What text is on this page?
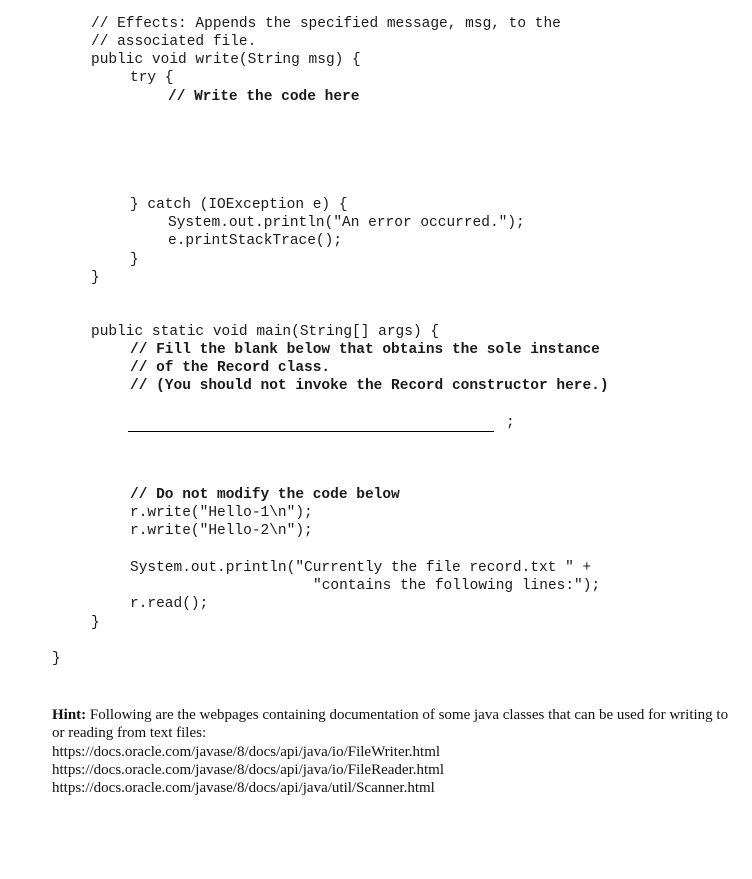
// Effects: Appends the specified message, msg, to the
// associated file.
public void write(String msg) {
try {
// Write the code here
} catch (IOException e) {
System.out.println("An error occurred.");
e.printStackTrace();
}
}
public static void main(String[] args) {
// Fill the blank below that obtains the sole instance
// of the Record class.
// (You should not invoke the Record constructor here.)
;
// Do not modify the code below
r.write("Hello-1\n");
r.write("Hello-2\n");
System.out.println("Currently the file record.txt " +
"contains the following lines:");
r.read();
}
}
Hint: Following are the webpages containing documentation of some java classes that can be used for writing to or reading from text files:
https://docs.oracle.com/javase/8/docs/api/java/io/FileWriter.html
https://docs.oracle.com/javase/8/docs/api/java/io/FileReader.html
https://docs.oracle.com/javase/8/docs/api/java/util/Scanner.html
